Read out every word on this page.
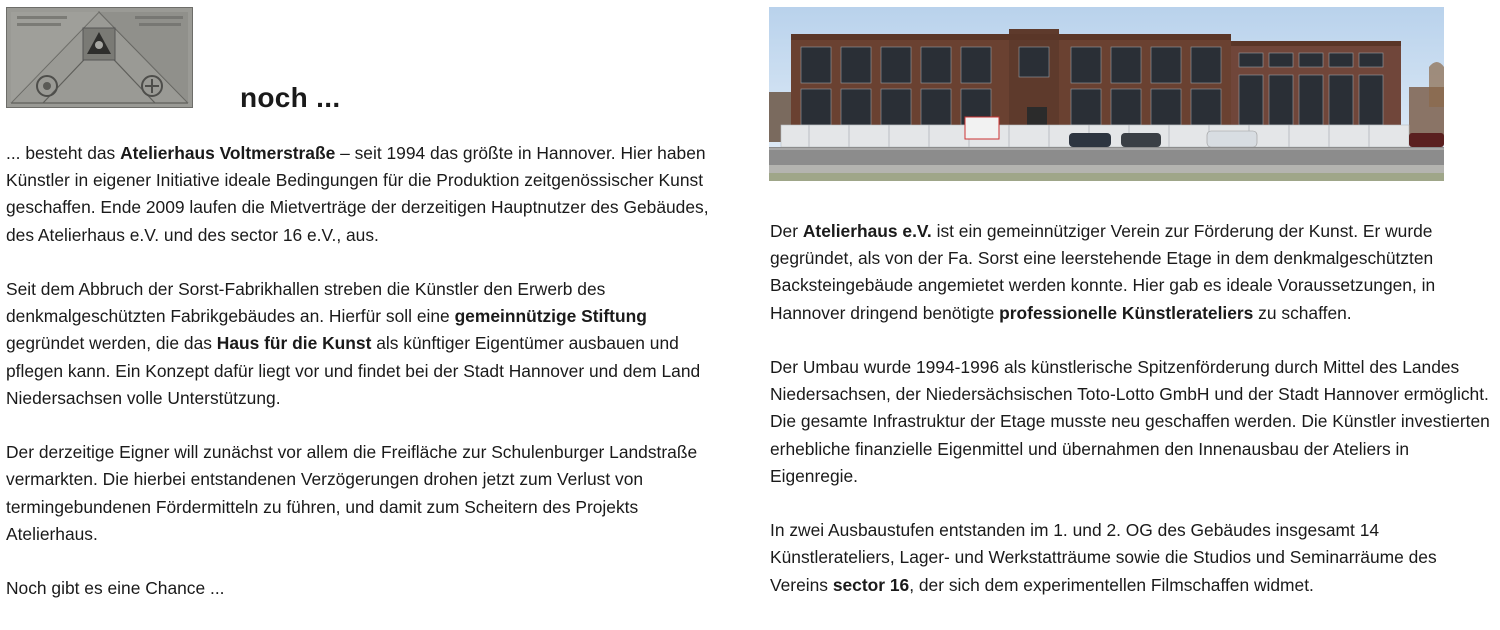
noch ...

... besteht das Atelierhaus Voltmerstraße – seit 1994 das größte in Hannover. Hier haben Künstler in eigener Initiative ideale Bedingungen für die Produktion zeitgenössischer Kunst geschaffen. Ende 2009 laufen die Mietverträge der derzeitigen Hauptnutzer des Gebäudes, des Atelierhaus e.V. und des sector 16 e.V., aus.

Seit dem Abbruch der Sorst-Fabrikhallen streben die Künstler den Erwerb des denkmalgeschützten Fabrikgebäudes an. Hierfür soll eine gemeinnützige Stiftung gegründet werden, die das Haus für die Kunst als künftiger Eigentümer ausbauen und pflegen kann. Ein Konzept dafür liegt vor und findet bei der Stadt Hannover und dem Land Niedersachsen volle Unterstützung.

Der derzeitige Eigner will zunächst vor allem die Freifläche zur Schulenburger Landstraße vermarkten. Die hierbei entstandenen Verzögerungen drohen jetzt zum Verlust von termingebundenen Fördermitteln zu führen, und damit zum Scheitern des Projekts Atelierhaus.

Noch gibt es eine Chance ...

Der Atelierhaus e.V. ist ein gemeinnütziger Verein zur Förderung der Kunst. Er wurde gegründet, als von der Fa. Sorst eine leerstehende Etage in dem denkmalgeschützten Backsteingebäude angemietet werden konnte. Hier gab es ideale Voraussetzungen, in Hannover dringend benötigte professionelle Künstlerateliers zu schaffen.

Der Umbau wurde 1994-1996 als künstlerische Spitzenförderung durch Mittel des Landes Niedersachsen, der Niedersächsischen Toto-Lotto GmbH und der Stadt Hannover ermöglicht. Die gesamte Infrastruktur der Etage musste neu geschaffen werden. Die Künstler investierten erhebliche finanzielle Eigenmittel und übernahmen den Innenausbau der Ateliers in Eigenregie.

In zwei Ausbaustufen entstanden im 1. und 2. OG des Gebäudes insgesamt 14 Künstlerateliers, Lager- und Werkstatträume sowie die Studios und Seminarräume des Vereins sector 16, der sich dem experimentellen Filmschaffen widmet.
